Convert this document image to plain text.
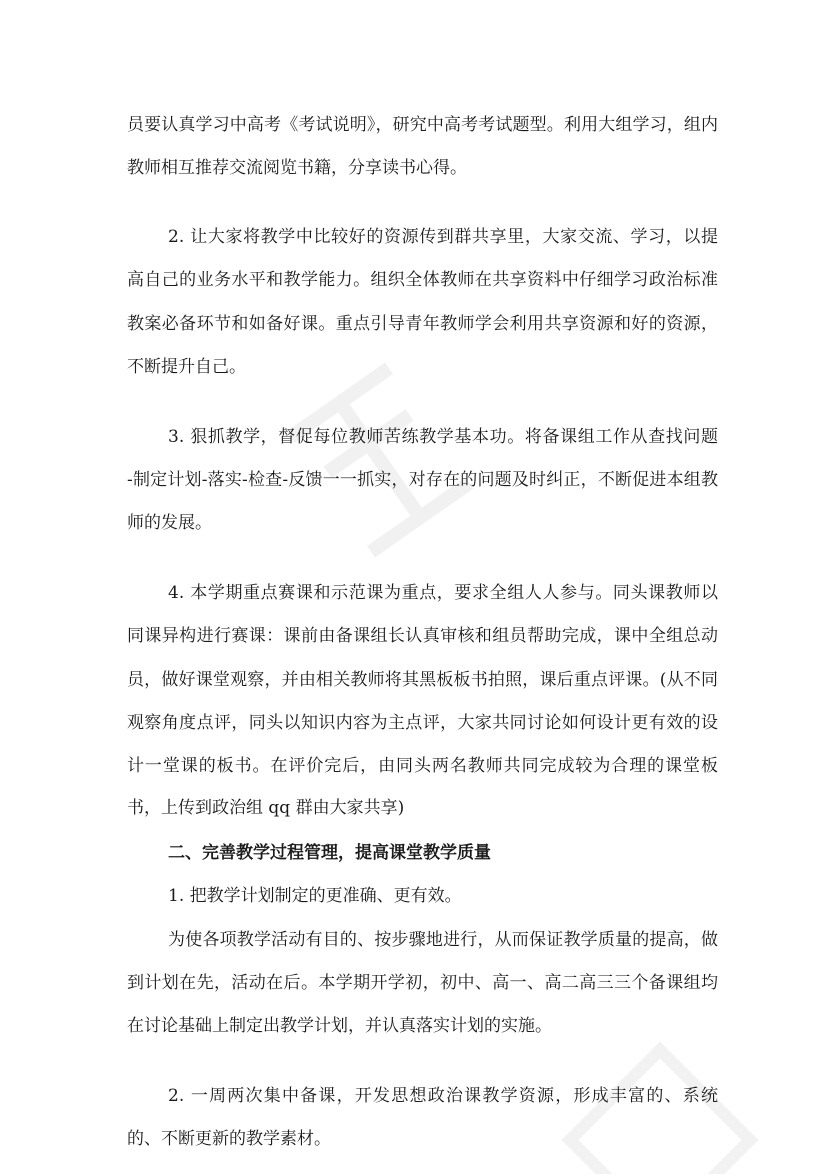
员要认真学习中高考《考试说明》，研究中高考考试题型。利用大组学习，组内
教师相互推荐交流阅览书籍，分享读书心得。
2. 让大家将教学中比较好的资源传到群共享里，大家交流、学习，以提
高自己的业务水平和教学能力。组织全体教师在共享资料中仔细学习政治标准
教案必备环节和如备好课。重点引导青年教师学会利用共享资源和好的资源，
不断提升自己。
3. 狠抓教学，督促每位教师苦练教学基本功。将备课组工作从查找问题
-制定计划-落实-检查-反馈一一抓实，对存在的问题及时纠正，不断促进本组教
师的发展。
4. 本学期重点赛课和示范课为重点，要求全组人人参与。同头课教师以
同课异构进行赛课：课前由备课组长认真审核和组员帮助完成，课中全组总动
员，做好课堂观察，并由相关教师将其黑板板书拍照，课后重点评课。(从不同
观察角度点评，同头以知识内容为主点评，大家共同讨论如何设计更有效的设
计一堂课的板书。在评价完后，由同头两名教师共同完成较为合理的课堂板
书，上传到政治组 qq 群由大家共享)
二、完善教学过程管理，提高课堂教学质量
1. 把教学计划制定的更准确、更有效。
为使各项教学活动有目的、按步骤地进行，从而保证教学质量的提高，做
到计划在先，活动在后。本学期开学初，初中、高一、高二高三三个备课组均
在讨论基础上制定出教学计划，并认真落实计划的实施。
2. 一周两次集中备课，开发思想政治课教学资源，形成丰富的、系统
的、不断更新的教学素材。
